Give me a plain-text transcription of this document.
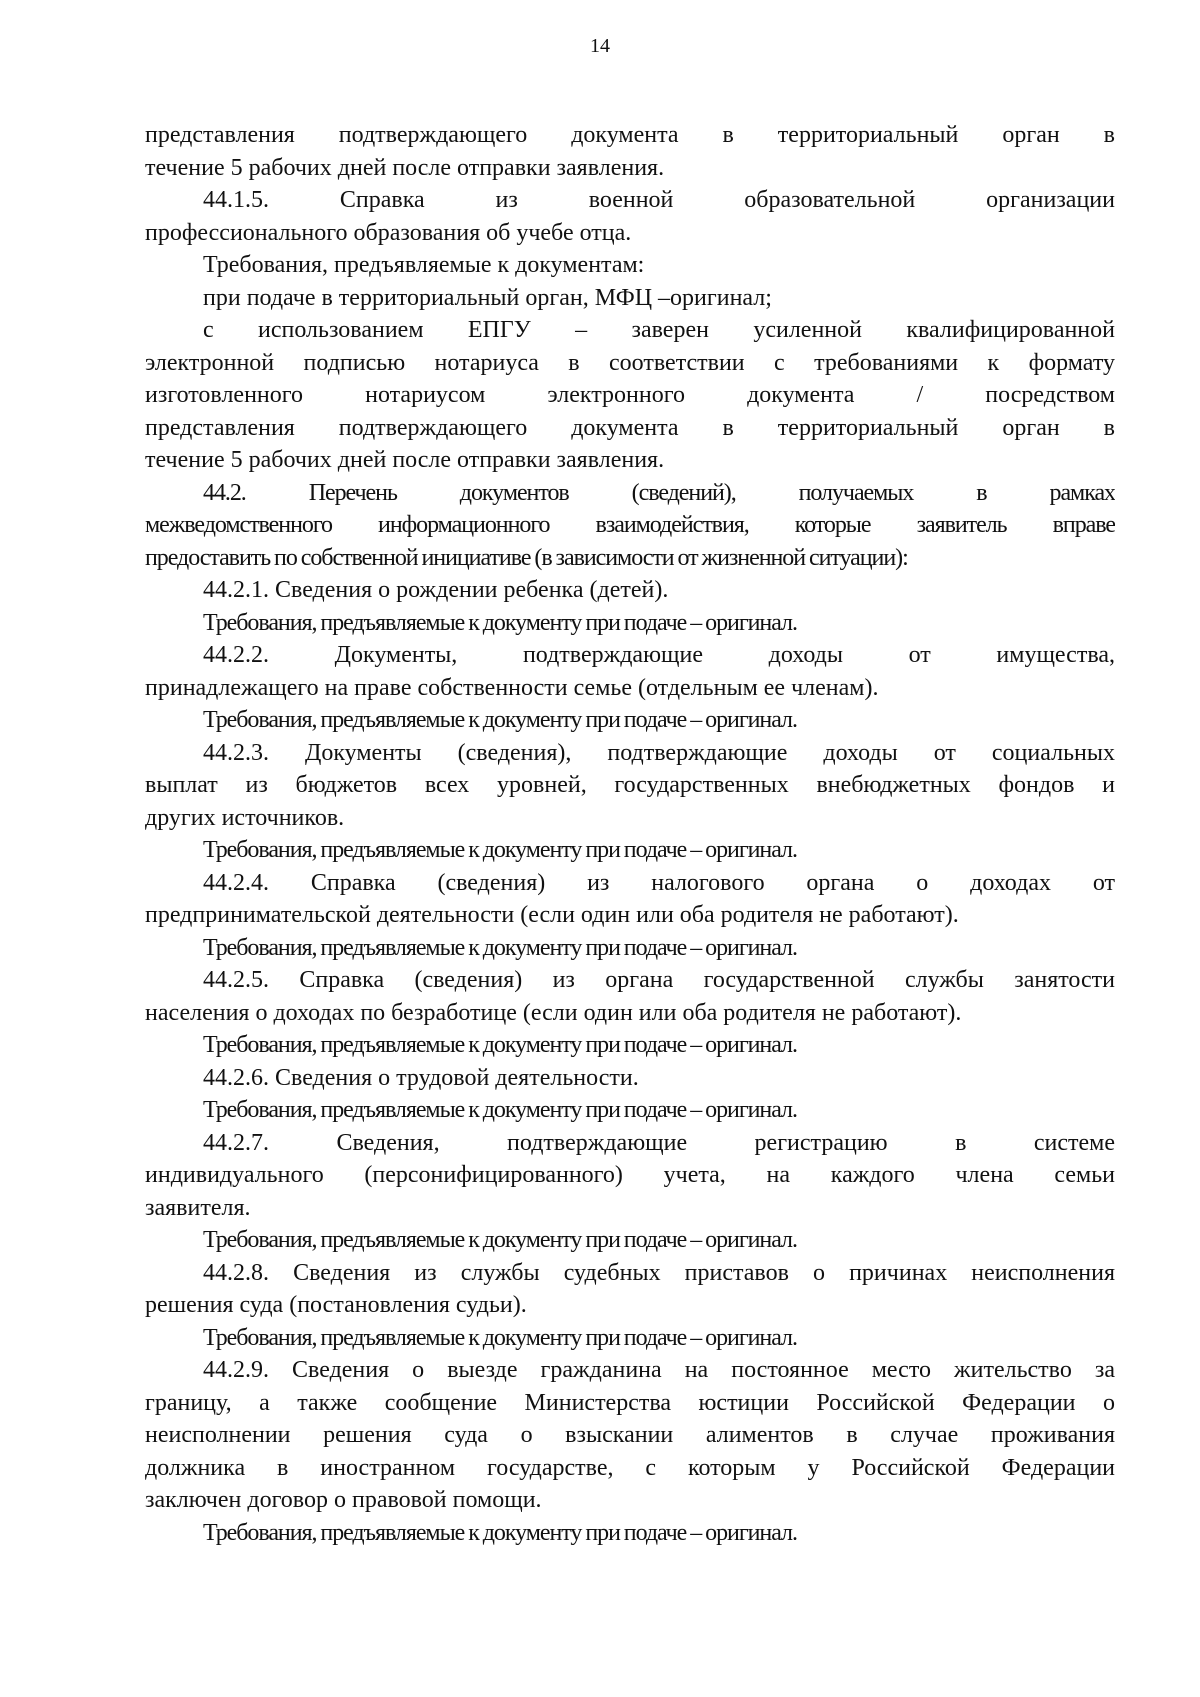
14
представления подтверждающего документа в территориальный орган в
течение 5 рабочих дней после отправки заявления.
44.1.5. Справка из военной образовательной организации
профессионального образования об учебе отца.
Требования, предъявляемые к документам:
при подаче в территориальный орган, МФЦ –оригинал;
с использованием ЕПГУ – заверен усиленной квалифицированной
электронной подписью нотариуса в соответствии с требованиями к формату
изготовленного нотариусом электронного документа / посредством
представления подтверждающего документа в территориальный орган в
течение 5 рабочих дней после отправки заявления.
44.2. Перечень документов (сведений), получаемых в рамках
межведомственного информационного взаимодействия, которые заявитель вправе
предоставить по собственной инициативе (в зависимости от жизненной ситуации):
44.2.1. Сведения о рождении ребенка (детей).
Требования, предъявляемые к документу при подаче – оригинал.
44.2.2. Документы, подтверждающие доходы от имущества,
принадлежащего на праве собственности семье (отдельным ее членам).
Требования, предъявляемые к документу при подаче – оригинал.
44.2.3. Документы (сведения), подтверждающие доходы от социальных
выплат из бюджетов всех уровней, государственных внебюджетных фондов и
других источников.
Требования, предъявляемые к документу при подаче – оригинал.
44.2.4. Справка (сведения) из налогового органа о доходах от
предпринимательской деятельности (если один или оба родителя не работают).
Требования, предъявляемые к документу при подаче – оригинал.
44.2.5. Справка (сведения) из органа государственной службы занятости
населения о доходах по безработице (если один или оба родителя не работают).
Требования, предъявляемые к документу при подаче – оригинал.
44.2.6. Сведения о трудовой деятельности.
Требования, предъявляемые к документу при подаче – оригинал.
44.2.7. Сведения, подтверждающие регистрацию в системе
индивидуального (персонифицированного) учета, на каждого члена семьи
заявителя.
Требования, предъявляемые к документу при подаче – оригинал.
44.2.8. Сведения из службы судебных приставов о причинах неисполнения
решения суда (постановления судьи).
Требования, предъявляемые к документу при подаче – оригинал.
44.2.9. Сведения о выезде гражданина на постоянное место жительство за
границу, а также сообщение Министерства юстиции Российской Федерации о
неисполнении решения суда о взыскании алиментов в случае проживания
должника в иностранном государстве, с которым у Российской Федерации
заключен договор о правовой помощи.
Требования, предъявляемые к документу при подаче – оригинал.
